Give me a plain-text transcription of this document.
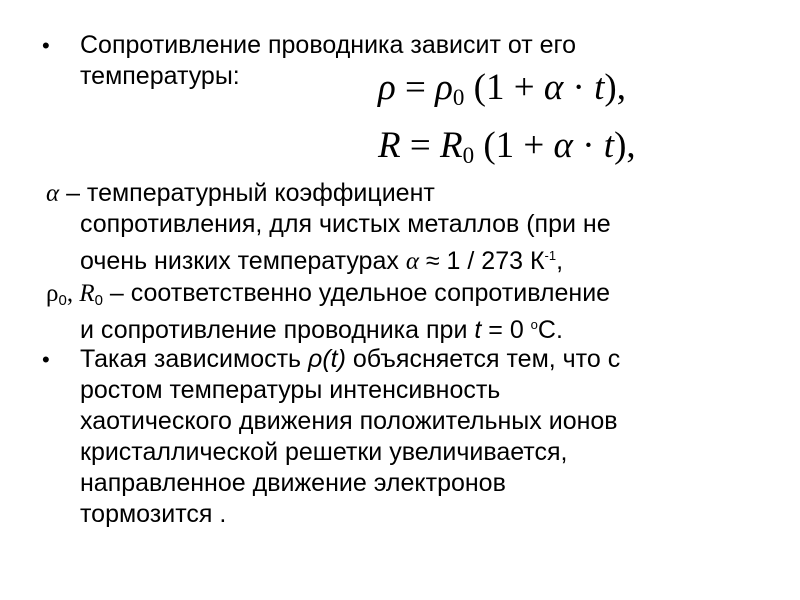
• Сопротивление проводника зависит от его
температуры:	$\rho = \rho_0$ (1 + α · t),
$R = R_0$ (1 + α · t),
α – температурный коэффициент
сопротивления, для чистых металлов (при не
очень низких температурах α ≈ 1 / 273 $К^{-1}$,
$\rho_0$, $R_0$ – соответственно удельное сопротивление
и сопротивление проводника при t = 0 $^о$С.
• Такая зависимость ρ(t) объясняется тем, что с
ростом температуры интенсивность
хаотического движения положительных ионов
кристаллической решетки увеличивается,
направленное движение электронов
тормозится .
